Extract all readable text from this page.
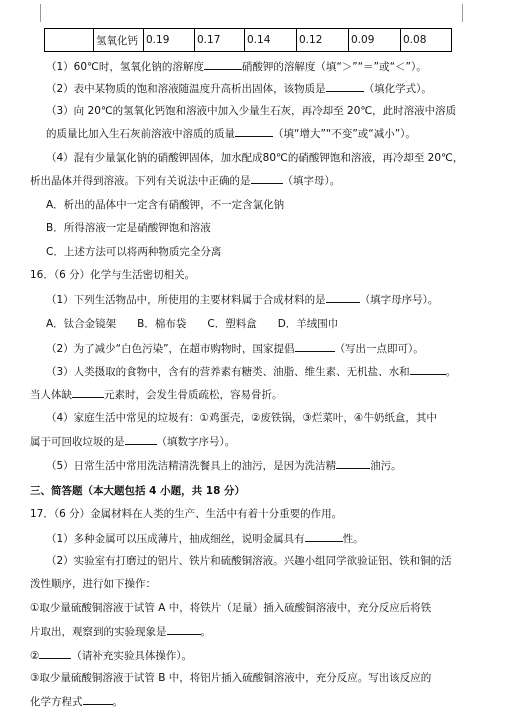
	氢氧化钙	0.19	0.17	0.14	0.12	0.09	0.08
（1）60℃时，氢氧化钠的溶解度	硝酸钾的溶解度（填“＞”“＝”或“＜”）。
（2）表中某物质的饱和溶液随温度升高析出固体，该物质是	（填化学式）。
（3）向 20℃的氢氧化钙饱和溶液中加入少量生石灰，再冷却至 20℃，此时溶液中溶质
的质量比加入生石灰前溶液中溶质的质量	（填“增大”“不变”或“减小”）。
（4）混有少量氯化钠的硝酸钾固体，加水配成80℃的硝酸钾饱和溶液，再冷却至 20℃，
析出晶体并得到溶液。下列有关说法中正确的是	（填字母）。
A．析出的晶体中一定含有硝酸钾，不一定含氯化钠
B．所得溶液一定是硝酸钾饱和溶液
C．上述方法可以将两种物质完全分离
16．（6 分）化学与生活密切相关。
（1）下列生活物品中，所使用的主要材料属于合成材料的是	（填字母序号）。
A．钛合金镜架　　B．棉布袋　　C．塑料盒　　D．羊绒围巾
（2）为了减少“白色污染”，在超市购物时，国家提倡	（写出一点即可）。
（3）人类摄取的食物中，含有的营养素有糖类、油脂、维生素、无机盐、水和	。
当人体缺	元素时，会发生骨质疏松，容易骨折。
（4）家庭生活中常见的垃圾有：①鸡蛋壳，②废铁锅，③烂菜叶，④牛奶纸盒，其中
属于可回收垃圾的是	（填数字序号）。
（5）日常生活中常用洗洁精清洗餐具上的油污，是因为洗洁精	油污。
三、简答题（本大题包括 4 小题，共 18 分）
17．（6 分）金属材料在人类的生产、生活中有着十分重要的作用。
（1）多种金属可以压成薄片，抽成细丝，说明金属具有	性。
（2）实验室有打磨过的铝片、铁片和硫酸铜溶液。兴趣小组同学欲验证铝、铁和铜的活
泼性顺序，进行如下操作：
①取少量硫酸铜溶液于试管 A 中，将铁片（足量）插入硫酸铜溶液中，充分反应后将铁
片取出，观察到的实验现象是	。
②	（请补充实验具体操作）。
③取少量硫酸铜溶液于试管 B 中，将铝片插入硫酸铜溶液中，充分反应。写出该反应的
化学方程式	。
